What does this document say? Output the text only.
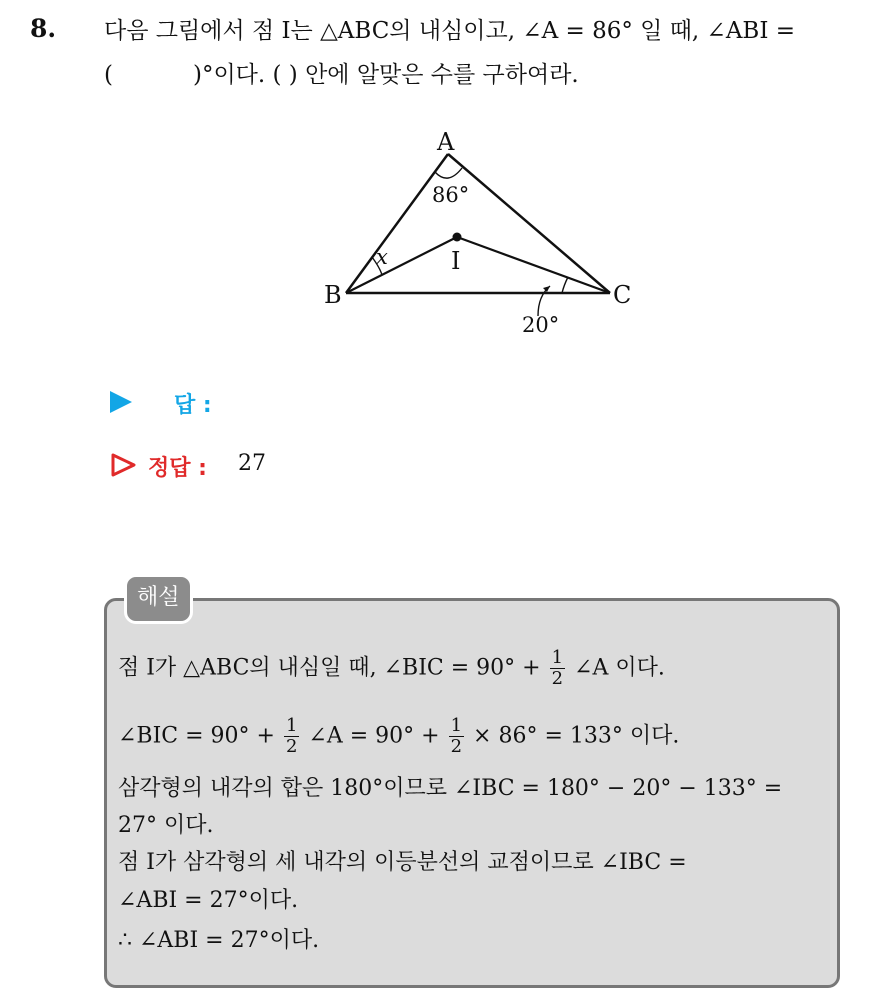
8. 다음 그림에서 점 I는 △ABC의 내심이고, ∠A = 86° 일 때, ∠ABI =
(	)°이다. ( ) 안에 알맞은 수를 구하여라.
A
B	C
I
86°
20°
x
답 :
정답 : 27
해설
점 I가 △ABC의 내심일 때, ∠BIC = $90^\circ + \frac{1}{2}$ ∠A 이다.
∠BIC = $90^\circ + \frac{1}{2}$ ∠A = $90^\circ + \frac{1}{2} \times 86^\circ = 133^\circ$ 이다.
삼각형의 내각의 합은 180°이므로 ∠IBC = 180° − 20° − 133° =
27° 이다.
점 I가 삼각형의 세 내각의 이등분선의 교점이므로 ∠IBC =
∠ABI = 27°이다.
∴ ∠ABI = 27°이다.
